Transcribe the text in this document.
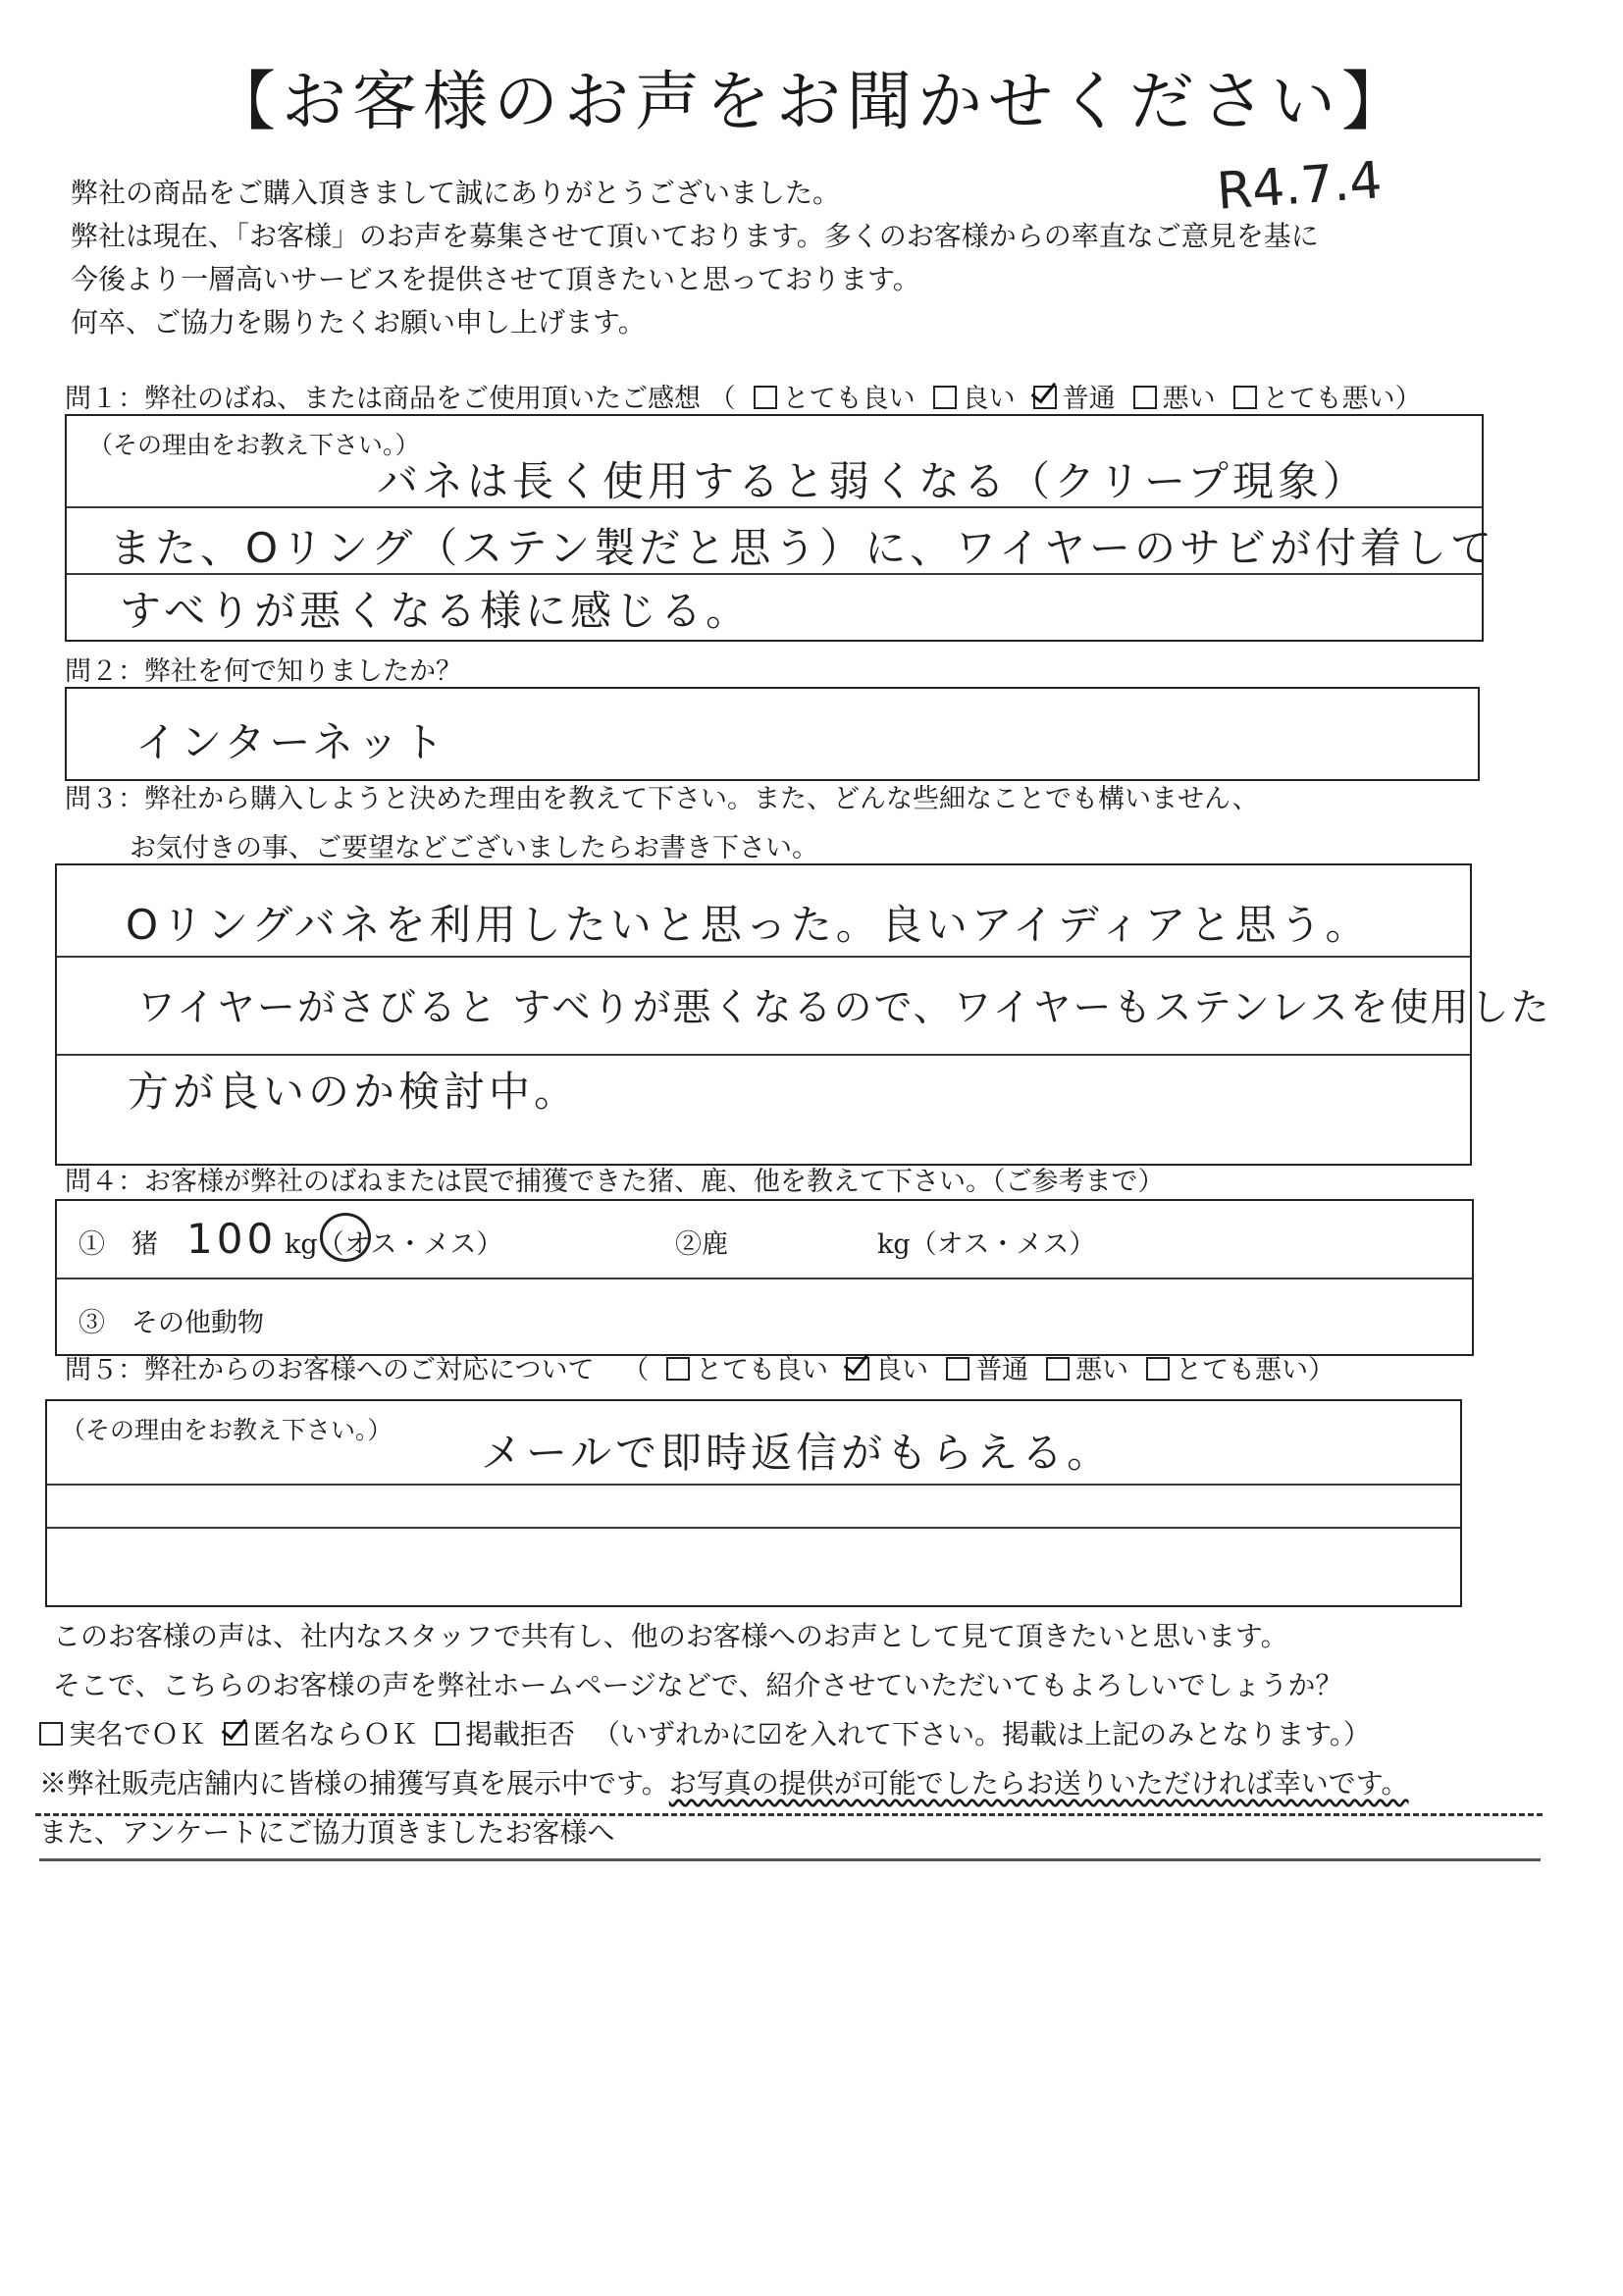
【お客様のお声をお聞かせください】
R4.7.4
弊社の商品をご購入頂きまして誠にありがとうございました。
弊社は現在、「お客様」のお声を募集させて頂いております。多くのお客様からの率直なご意見を基に
今後より一層高いサービスを提供させて頂きたいと思っております。
何卒、ご協力を賜りたくお願い申し上げます。
問１：弊社のばね、または商品をご使用頂いたご感想 （ とても良い 良い 普通 悪い とても悪い）
（その理由をお教え下さい。）
バネは長く使用すると弱くなる（クリープ現象）
また、Oリング（ステン製だと思う）に、ワイヤーのサビが付着して
すべりが悪くなる様に感じる。
問２：弊社を何で知りましたか？
インターネット
問３：弊社から購入しようと決めた理由を教えて下さい。また、どんな些細なことでも構いません、
お気付きの事、ご要望などございましたらお書き下さい。
Oリングバネを利用したいと思った。良いアイディアと思う。
ワイヤーがさびると すべりが悪くなるので、ワイヤーもステンレスを使用した
方が良いのか検討中。
問４：お客様が弊社のばねまたは罠で捕獲できた猪、鹿、他を教えて下さい。（ご参考まで）
①　猪 100 kg（オス・メス）	②鹿	kg（オス・メス）
③　その他動物
問５：弊社からのお客様へのご対応について （ とても良い 良い 普通 悪い とても悪い）
（その理由をお教え下さい。） メールで即時返信がもらえる。
このお客様の声は、社内なスタッフで共有し、他のお客様へのお声として見て頂きたいと思います。
そこで、こちらのお客様の声を弊社ホームページなどで、紹介させていただいてもよろしいでしょうか？
実名でＯＫ 匿名ならＯＫ 掲載拒否 （いずれかに☑を入れて下さい。掲載は上記のみとなります。）
※弊社販売店舗内に皆様の捕獲写真を展示中です。お写真の提供が可能でしたらお送りいただければ幸いです。
また、アンケートにご協力頂きましたお客様へ
